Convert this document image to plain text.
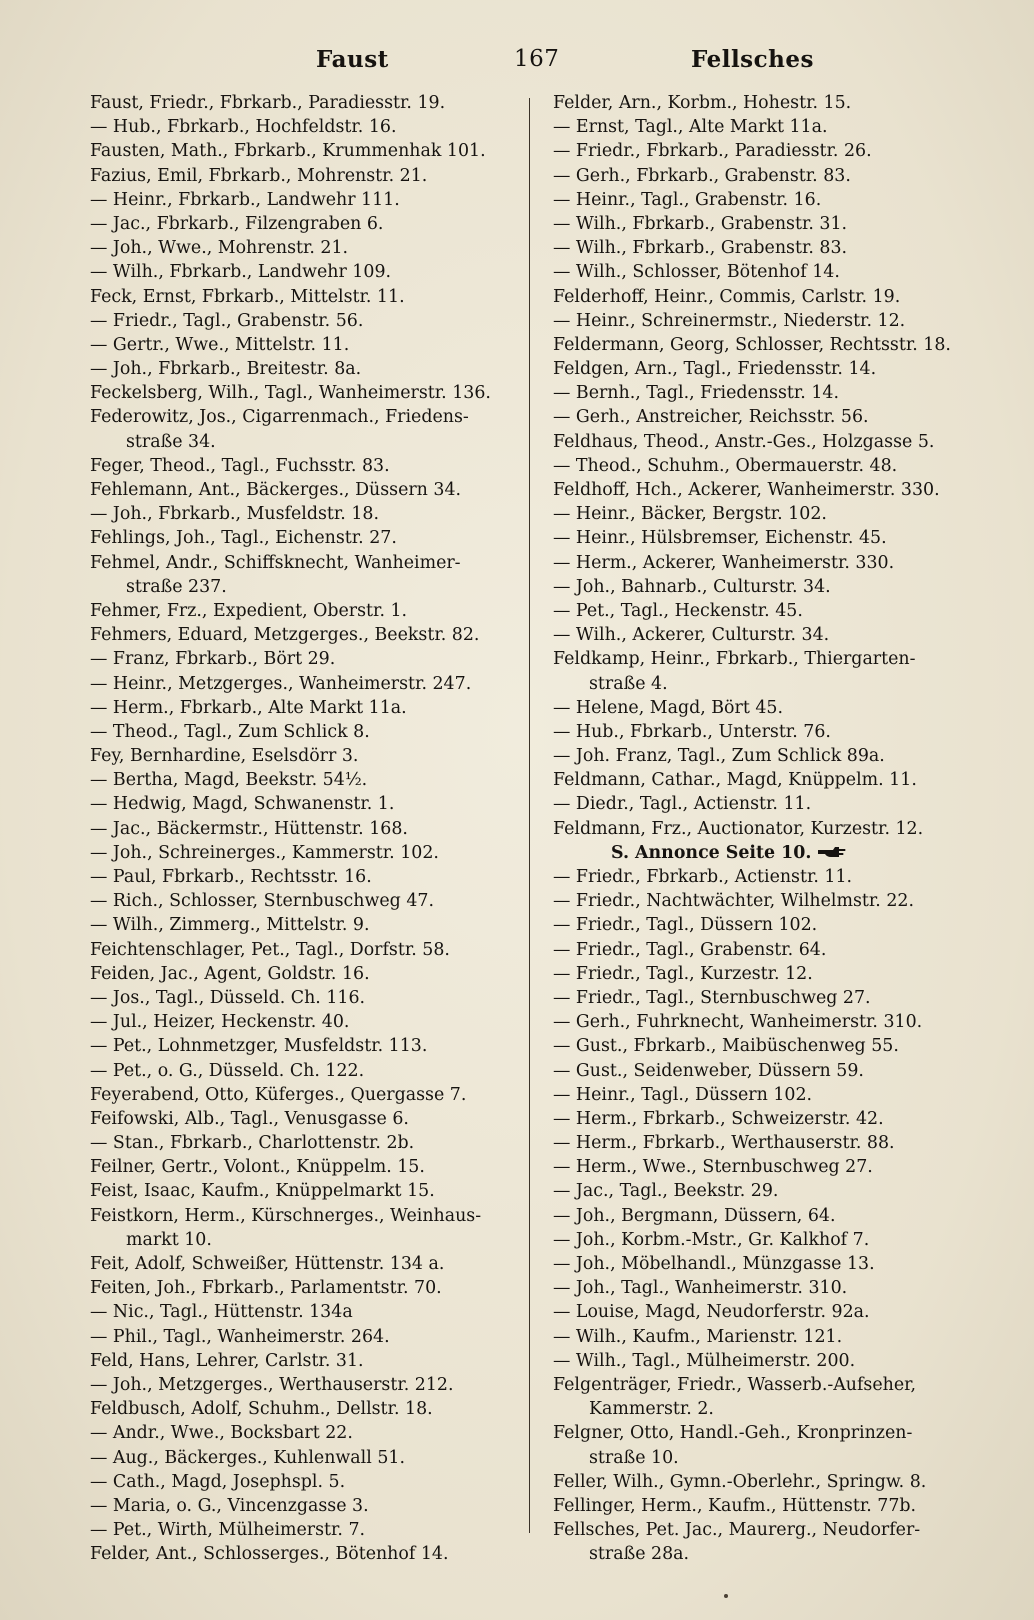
Faust	167	Fellsches
Faust, Friedr., Fbrkarb., Paradiesstr. 19.
— Hub., Fbrkarb., Hochfeldstr. 16.
Fausten, Math., Fbrkarb., Krummenhak 101.
Fazius, Emil, Fbrkarb., Mohrenstr. 21.
— Heinr., Fbrkarb., Landwehr 111.
— Jac., Fbrkarb., Filzengraben 6.
— Joh., Wwe., Mohrenstr. 21.
— Wilh., Fbrkarb., Landwehr 109.
Feck, Ernst, Fbrkarb., Mittelstr. 11.
— Friedr., Tagl., Grabenstr. 56.
— Gertr., Wwe., Mittelstr. 11.
— Joh., Fbrkarb., Breitestr. 8a.
Feckelsberg, Wilh., Tagl., Wanheimerstr. 136.
Federowitz, Jos., Cigarrenmach., Friedens-
straße 34.
Feger, Theod., Tagl., Fuchsstr. 83.
Fehlemann, Ant., Bäckerges., Düssern 34.
— Joh., Fbrkarb., Musfeldstr. 18.
Fehlings, Joh., Tagl., Eichenstr. 27.
Fehmel, Andr., Schiffsknecht, Wanheimer-
straße 237.
Fehmer, Frz., Expedient, Oberstr. 1.
Fehmers, Eduard, Metzgerges., Beekstr. 82.
— Franz, Fbrkarb., Bört 29.
— Heinr., Metzgerges., Wanheimerstr. 247.
— Herm., Fbrkarb., Alte Markt 11a.
— Theod., Tagl., Zum Schlick 8.
Fey, Bernhardine, Eselsdörr 3.
— Bertha, Magd, Beekstr. 54½.
— Hedwig, Magd, Schwanenstr. 1.
— Jac., Bäckermstr., Hüttenstr. 168.
— Joh., Schreinerges., Kammerstr. 102.
— Paul, Fbrkarb., Rechtsstr. 16.
— Rich., Schlosser, Sternbuschweg 47.
— Wilh., Zimmerg., Mittelstr. 9.
Feichtenschlager, Pet., Tagl., Dorfstr. 58.
Feiden, Jac., Agent, Goldstr. 16.
— Jos., Tagl., Düsseld. Ch. 116.
— Jul., Heizer, Heckenstr. 40.
— Pet., Lohnmetzger, Musfeldstr. 113.
— Pet., o. G., Düsseld. Ch. 122.
Feyerabend, Otto, Küferges., Quergasse 7.
Feifowski, Alb., Tagl., Venusgasse 6.
— Stan., Fbrkarb., Charlottenstr. 2b.
Feilner, Gertr., Volont., Knüppelm. 15.
Feist, Isaac, Kaufm., Knüppelmarkt 15.
Feistkorn, Herm., Kürschnerges., Weinhaus-
markt 10.
Feit, Adolf, Schweißer, Hüttenstr. 134 a.
Feiten, Joh., Fbrkarb., Parlamentstr. 70.
— Nic., Tagl., Hüttenstr. 134a
— Phil., Tagl., Wanheimerstr. 264.
Feld, Hans, Lehrer, Carlstr. 31.
— Joh., Metzgerges., Werthauserstr. 212.
Feldbusch, Adolf, Schuhm., Dellstr. 18.
— Andr., Wwe., Bocksbart 22.
— Aug., Bäckerges., Kuhlenwall 51.
— Cath., Magd, Josephspl. 5.
— Maria, o. G., Vincenzgasse 3.
— Pet., Wirth, Mülheimerstr. 7.
Felder, Ant., Schlosserges., Bötenhof 14.
Felder, Arn., Korbm., Hohestr. 15.
— Ernst, Tagl., Alte Markt 11a.
— Friedr., Fbrkarb., Paradiesstr. 26.
— Gerh., Fbrkarb., Grabenstr. 83.
— Heinr., Tagl., Grabenstr. 16.
— Wilh., Fbrkarb., Grabenstr. 31.
— Wilh., Fbrkarb., Grabenstr. 83.
— Wilh., Schlosser, Bötenhof 14.
Felderhoff, Heinr., Commis, Carlstr. 19.
— Heinr., Schreinermstr., Niederstr. 12.
Feldermann, Georg, Schlosser, Rechtsstr. 18.
Feldgen, Arn., Tagl., Friedensstr. 14.
— Bernh., Tagl., Friedensstr. 14.
— Gerh., Anstreicher, Reichsstr. 56.
Feldhaus, Theod., Anstr.-Ges., Holzgasse 5.
— Theod., Schuhm., Obermauerstr. 48.
Feldhoff, Hch., Ackerer, Wanheimerstr. 330.
— Heinr., Bäcker, Bergstr. 102.
— Heinr., Hülsbremser, Eichenstr. 45.
— Herm., Ackerer, Wanheimerstr. 330.
— Joh., Bahnarb., Culturstr. 34.
— Pet., Tagl., Heckenstr. 45.
— Wilh., Ackerer, Culturstr. 34.
Feldkamp, Heinr., Fbrkarb., Thiergarten-
straße 4.
— Helene, Magd, Bört 45.
— Hub., Fbrkarb., Unterstr. 76.
— Joh. Franz, Tagl., Zum Schlick 89a.
Feldmann, Cathar., Magd, Knüppelm. 11.
— Diedr., Tagl., Actienstr. 11.
Feldmann, Frz., Auctionator, Kurzestr. 12.
S. Annonce Seite 10.
— Friedr., Fbrkarb., Actienstr. 11.
— Friedr., Nachtwächter, Wilhelmstr. 22.
— Friedr., Tagl., Düssern 102.
— Friedr., Tagl., Grabenstr. 64.
— Friedr., Tagl., Kurzestr. 12.
— Friedr., Tagl., Sternbuschweg 27.
— Gerh., Fuhrknecht, Wanheimerstr. 310.
— Gust., Fbrkarb., Maibüschenweg 55.
— Gust., Seidenweber, Düssern 59.
— Heinr., Tagl., Düssern 102.
— Herm., Fbrkarb., Schweizerstr. 42.
— Herm., Fbrkarb., Werthauserstr. 88.
— Herm., Wwe., Sternbuschweg 27.
— Jac., Tagl., Beekstr. 29.
— Joh., Bergmann, Düssern, 64.
— Joh., Korbm.-Mstr., Gr. Kalkhof 7.
— Joh., Möbelhandl., Münzgasse 13.
— Joh., Tagl., Wanheimerstr. 310.
— Louise, Magd, Neudorferstr. 92a.
— Wilh., Kaufm., Marienstr. 121.
— Wilh., Tagl., Mülheimerstr. 200.
Felgenträger, Friedr., Wasserb.-Aufseher,
Kammerstr. 2.
Felgner, Otto, Handl.-Geh., Kronprinzen-
straße 10.
Feller, Wilh., Gymn.-Oberlehr., Springw. 8.
Fellinger, Herm., Kaufm., Hüttenstr. 77b.
Fellsches, Pet. Jac., Maurerg., Neudorfer-
straße 28a.
